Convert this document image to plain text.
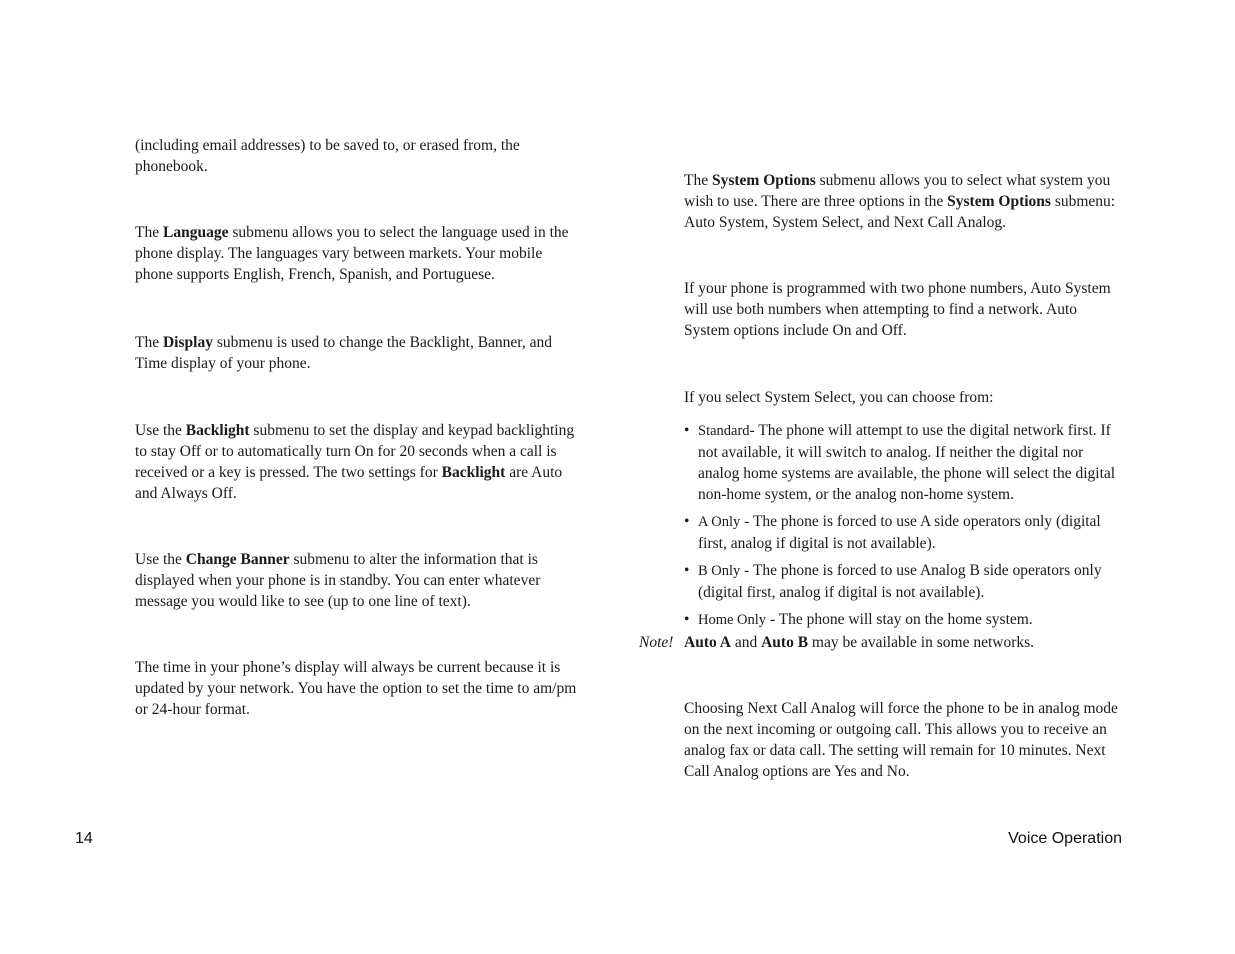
(including email addresses) to be saved to, or erased from, the phonebook.

The Language submenu allows you to select the language used in the phone display. The languages vary between markets. Your mobile phone supports English, French, Spanish, and Portuguese.

The Display submenu is used to change the Backlight, Banner, and Time display of your phone.

Use the Backlight submenu to set the display and keypad backlighting to stay Off or to automatically turn On for 20 seconds when a call is received or a key is pressed. The two settings for Backlight are Auto and Always Off.

Use the Change Banner submenu to alter the information that is displayed when your phone is in standby. You can enter whatever message you would like to see (up to one line of text).

The time in your phone’s display will always be current because it is updated by your network. You have the option to set the time to am/pm or 24-hour format.

The System Options submenu allows you to select what system you wish to use. There are three options in the System Options submenu: Auto System, System Select, and Next Call Analog.

If your phone is programmed with two phone numbers, Auto System will use both numbers when attempting to find a network. Auto System options include On and Off.

If you select System Select, you can choose from:

• Standard- The phone will attempt to use the digital network first. If not available, it will switch to analog. If neither the digital nor analog home systems are available, the phone will select the digital non-home system, or the analog non-home system.
• A Only - The phone is forced to use A side operators only (digital first, analog if digital is not available).
• B Only - The phone is forced to use Analog B side operators only (digital first, analog if digital is not available).
• Home Only - The phone will stay on the home system.

Auto A and Auto B may be available in some networks.

Choosing Next Call Analog will force the phone to be in analog mode on the next incoming or outgoing call. This allows you to receive an analog fax or data call. The setting will remain for 10 minutes. Next Call Analog options are Yes and No.

Note!
14	Voice Operation
